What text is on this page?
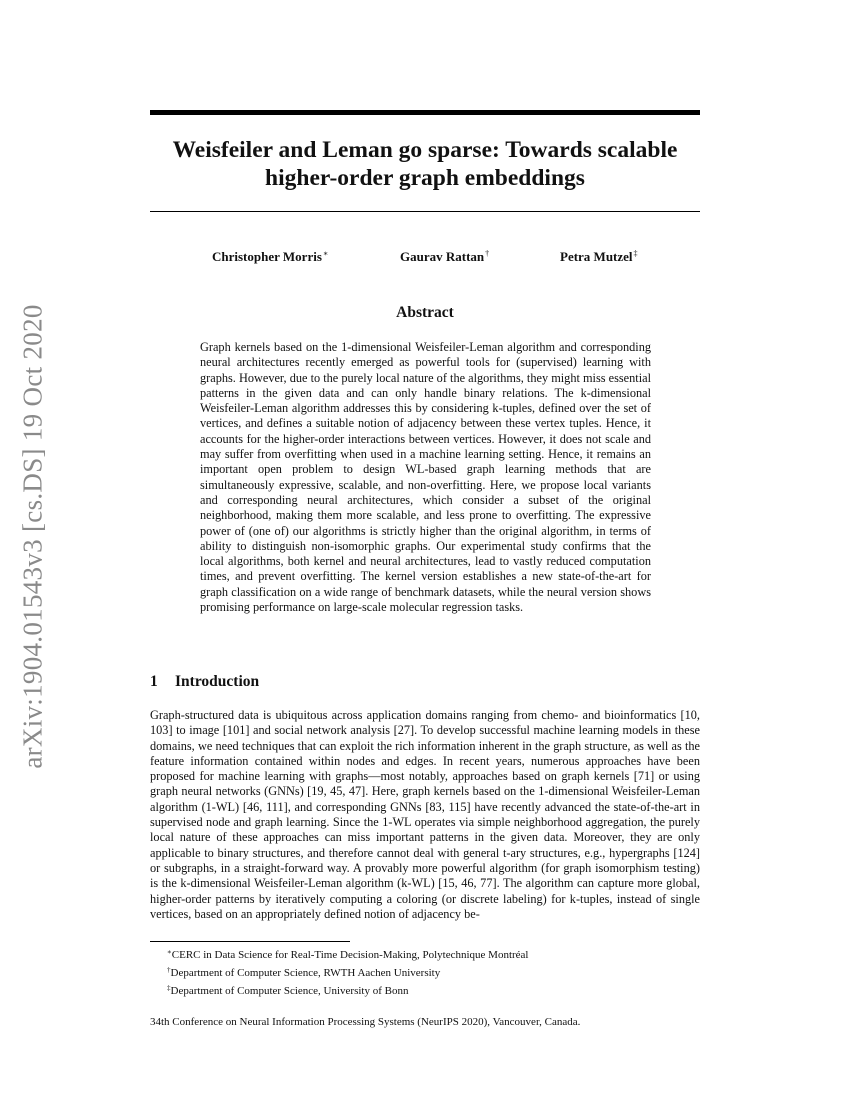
arXiv:1904.01543v3 [cs.DS] 19 Oct 2020
Weisfeiler and Leman go sparse: Towards scalable
higher-order graph embeddings
Christopher Morris∗	Gaurav Rattan†	Petra Mutzel‡
Abstract
Graph kernels based on the 1-dimensional Weisfeiler-Leman algorithm and corresponding neural architectures recently emerged as powerful tools for (supervised) learning with graphs. However, due to the purely local nature of the algorithms, they might miss essential patterns in the given data and can only handle binary relations. The k-dimensional Weisfeiler-Leman algorithm addresses this by considering k-tuples, defined over the set of vertices, and defines a suitable notion of adjacency between these vertex tuples. Hence, it accounts for the higher-order interactions between vertices. However, it does not scale and may suffer from overfitting when used in a machine learning setting. Hence, it remains an important open problem to design WL-based graph learning methods that are simultaneously expressive, scalable, and non-overfitting. Here, we propose local variants and corresponding neural architectures, which consider a subset of the original neighborhood, making them more scalable, and less prone to overfitting. The expressive power of (one of) our algorithms is strictly higher than the original algorithm, in terms of ability to distinguish non-isomorphic graphs. Our experimental study confirms that the local algorithms, both kernel and neural architectures, lead to vastly reduced computation times, and prevent overfitting. The kernel version establishes a new state-of-the-art for graph classification on a wide range of benchmark datasets, while the neural version shows promising performance on large-scale molecular regression tasks.
1 Introduction
Graph-structured data is ubiquitous across application domains ranging from chemo- and bioinformatics [10, 103] to image [101] and social network analysis [27]. To develop successful machine learning models in these domains, we need techniques that can exploit the rich information inherent in the graph structure, as well as the feature information contained within nodes and edges. In recent years, numerous approaches have been proposed for machine learning with graphs—most notably, approaches based on graph kernels [71] or using graph neural networks (GNNs) [19, 45, 47]. Here, graph kernels based on the 1-dimensional Weisfeiler-Leman algorithm (1-WL) [46, 111], and corresponding GNNs [83, 115] have recently advanced the state-of-the-art in supervised node and graph learning. Since the 1-WL operates via simple neighborhood aggregation, the purely local nature of these approaches can miss important patterns in the given data. Moreover, they are only applicable to binary structures, and therefore cannot deal with general t-ary structures, e.g., hypergraphs [124] or subgraphs, in a straight-forward way. A provably more powerful algorithm (for graph isomorphism testing) is the k-dimensional Weisfeiler-Leman algorithm (k-WL) [15, 46, 77]. The algorithm can capture more global, higher-order patterns by iteratively computing a coloring (or discrete labeling) for k-tuples, instead of single vertices, based on an appropriately defined notion of adjacency be-
∗CERC in Data Science for Real-Time Decision-Making, Polytechnique Montréal
†Department of Computer Science, RWTH Aachen University
‡Department of Computer Science, University of Bonn
34th Conference on Neural Information Processing Systems (NeurIPS 2020), Vancouver, Canada.
